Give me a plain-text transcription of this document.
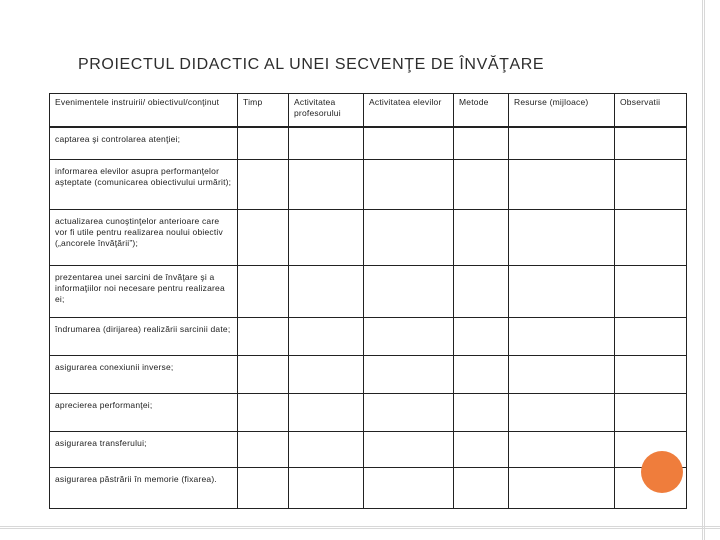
PROIECTUL DIDACTIC AL UNEI SECVENŢE DE ÎNVĂŢARE
Evenimentele instruirii/ obiectivul/conţinut	Timp	Activitatea profesorului	Activitatea elevilor	Metode	Resurse (mijloace)	Observatii
captarea şi controlarea atenţiei;						
informarea elevilor asupra performanţelor aşteptate (comunicarea obiectivului urmărit);						
actualizarea cunoştinţelor anterioare care vor fi utile pentru realizarea noului obiectiv („ancorele învăţării”);						
prezentarea unei sarcini de învăţare şi a informaţiilor noi necesare pentru realizarea ei;						
îndrumarea (dirijarea) realizării sarcinii date;						
asigurarea conexiunii inverse;						
aprecierea performanţei;						
asigurarea transferului;						
asigurarea păstrării în memorie (fixarea).						
